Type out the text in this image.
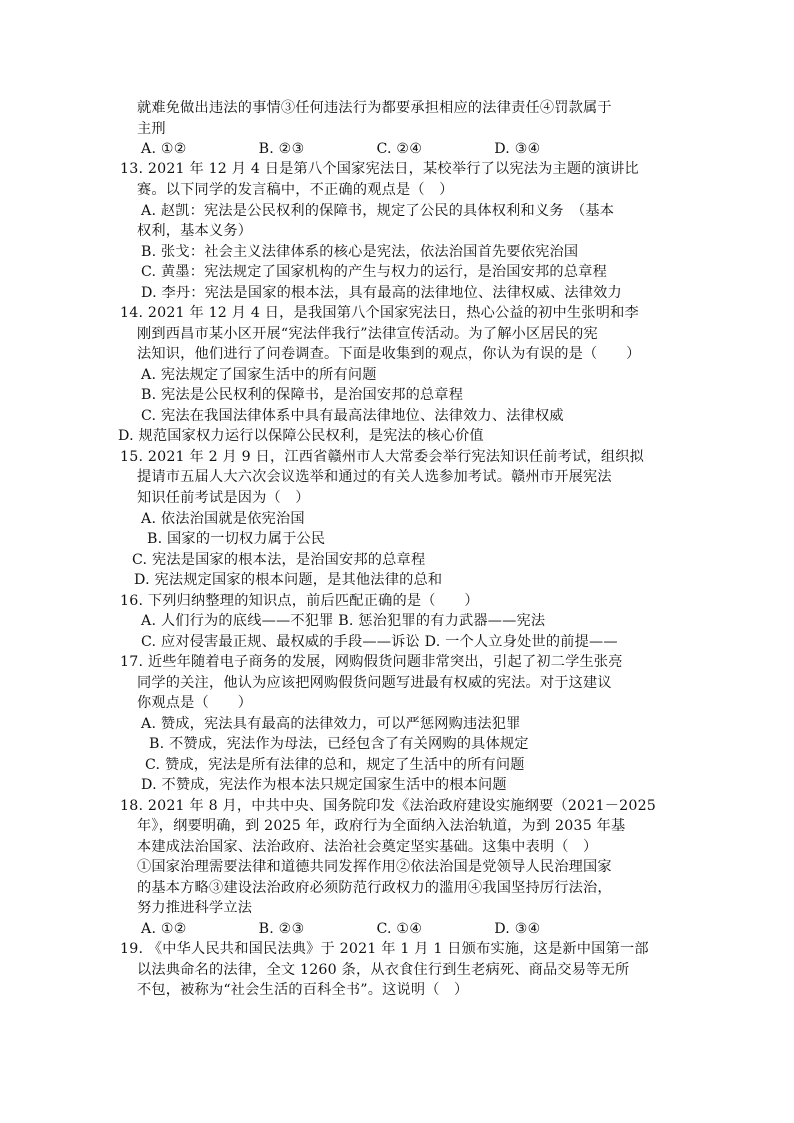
就难免做出违法的事情③任何违法行为都要承担相应的法律责任④罚款属于
主刑
A. ①②　　　　　B. ②③　　　　　C. ②④　　　　　D. ③④
13. 2021 年 12 月 4 日是第八个国家宪法日，某校举行了以宪法为主题的演讲比
赛。以下同学的发言稿中，不正确的观点是（　）
A. 赵凯：宪法是公民权利的保障书，规定了公民的具体权利和义务　（基本
权利，基本义务）
B. 张戈：社会主义法律体系的核心是宪法，依法治国首先要依宪治国
C. 黄墨：宪法规定了国家机构的产生与权力的运行，是治国安邦的总章程
D. 李丹：宪法是国家的根本法，具有最高的法律地位、法律权威、法律效力
14. 2021 年 12 月 4 日，是我国第八个国家宪法日，热心公益的初中生张明和李
刚到西昌市某小区开展“宪法伴我行”法律宣传活动。为了解小区居民的宪
法知识，他们进行了问卷调查。下面是收集到的观点，你认为有误的是（　　）
A. 宪法规定了国家生活中的所有问题
B. 宪法是公民权利的保障书，是治国安邦的总章程
C. 宪法在我国法律体系中具有最高法律地位、法律效力、法律权威
D. 规范国家权力运行以保障公民权利，是宪法的核心价值
15. 2021 年 2 月 9 日，江西省赣州市人大常委会举行宪法知识任前考试，组织拟
提请市五届人大六次会议选举和通过的有关人选参加考试。赣州市开展宪法
知识任前考试是因为（　）
A. 依法治国就是依宪治国
B. 国家的一切权力属于公民
C. 宪法是国家的根本法，是治国安邦的总章程
D. 宪法规定国家的根本问题，是其他法律的总和
16. 下列归纳整理的知识点，前后匹配正确的是（　　）
A. 人们行为的底线——不犯罪 B. 惩治犯罪的有力武器——宪法
C. 应对侵害最正规、最权威的手段——诉讼 D. 一个人立身处世的前提——
17. 近些年随着电子商务的发展，网购假货问题非常突出，引起了初二学生张亮
同学的关注，他认为应该把网购假货问题写进最有权威的宪法。对于这建议
你观点是（　　）
A. 赞成，宪法具有最高的法律效力，可以严惩网购违法犯罪
B. 不赞成，宪法作为母法，已经包含了有关网购的具体规定
C. 赞成，宪法是所有法律的总和，规定了生活中的所有问题
D. 不赞成，宪法作为根本法只规定国家生活中的根本问题
18. 2021 年 8 月，中共中央、国务院印发《法治政府建设实施纲要（2021－2025
年》，纲要明确，到 2025 年，政府行为全面纳入法治轨道，为到 2035 年基
本建成法治国家、法治政府、法治社会奠定坚实基础。这集中表明（　）
①国家治理需要法律和道德共同发挥作用②依法治国是党领导人民治理国家
的基本方略③建设法治政府必须防范行政权力的滥用④我国坚持厉行法治，
努力推进科学立法
A. ①②　　　　　B. ②③　　　　　C. ①④　　　　　D. ③④
19. 《中华人民共和国民法典》于 2021 年 1 月 1 日颁布实施，这是新中国第一部
以法典命名的法律，全文 1260 条，从衣食住行到生老病死、商品交易等无所
不包，被称为“社会生活的百科全书”。这说明（　）
